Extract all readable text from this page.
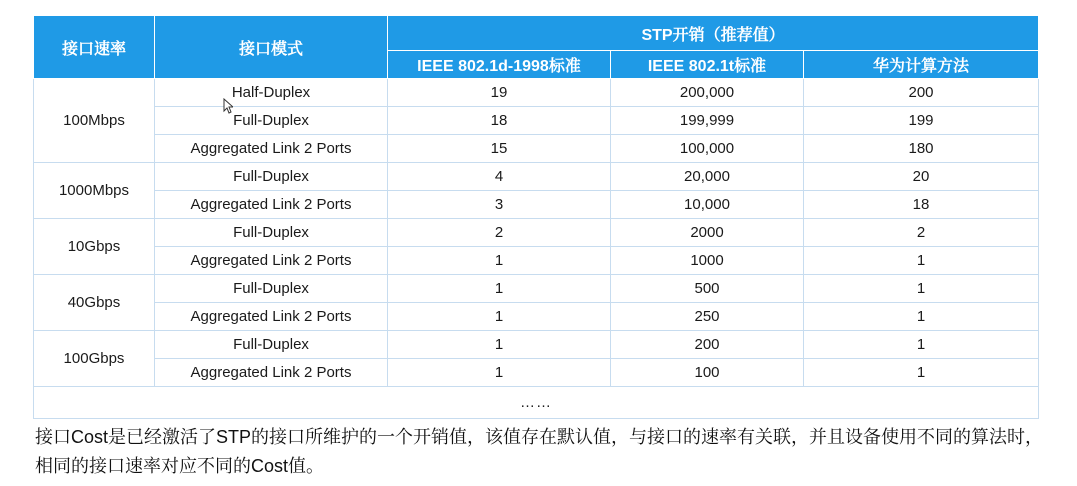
接口速率	接口模式	STP开销（推荐值）		
		IEEE 802.1d-1998标准	IEEE 802.1t标准	华为计算方法
100Mbps	Half-Duplex	19	200,000	200
	Full-Duplex	18	199,999	199
	Aggregated Link 2 Ports	15	100,000	180
1000Mbps	Full-Duplex	4	20,000	20
	Aggregated Link 2 Ports	3	10,000	18
10Gbps	Full-Duplex	2	2000	2
	Aggregated Link 2 Ports	1	1000	1
40Gbps	Full-Duplex	1	500	1
	Aggregated Link 2 Ports	1	250	1
100Gbps	Full-Duplex	1	200	1
	Aggregated Link 2 Ports	1	100	1
……				
接口Cost是已经激活了STP的接口所维护的一个开销值，该值存在默认值，与接口的速率有关联，并且设备使用不同的算法时，相同的接口速率对应不同的Cost值。
